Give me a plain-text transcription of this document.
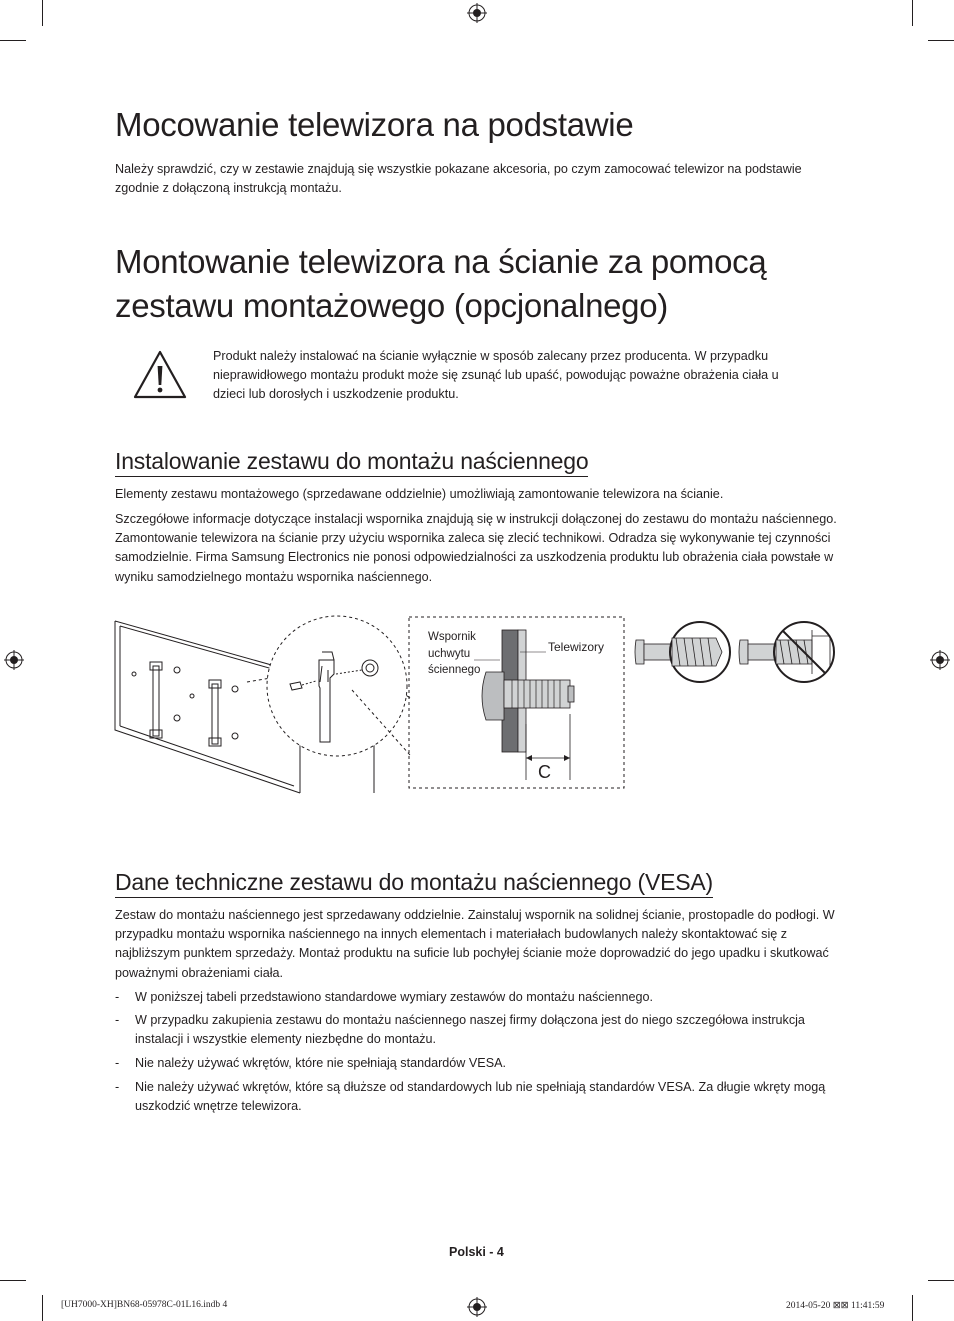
Mocowanie telewizora na podstawie

Należy sprawdzić, czy w zestawie znajdują się wszystkie pokazane akcesoria, po czym zamocować telewizor na podstawie zgodnie z dołączoną instrukcją montażu.

Montowanie telewizora na ścianie za pomocą
zestawu montażowego (opcjonalnego)

Produkt należy instalować na ścianie wyłącznie w sposób zalecany przez producenta. W przypadku nieprawidłowego montażu produkt może się zsunąć lub upaść, powodując poważne obrażenia ciała u dzieci lub dorosłych i uszkodzenie produktu.

Instalowanie zestawu do montażu naściennego

Elementy zestawu montażowego (sprzedawane oddzielnie) umożliwiają zamontowanie telewizora na ścianie.

Szczegółowe informacje dotyczące instalacji wspornika znajdują się w instrukcji dołączonej do zestawu do montażu naściennego. Zamontowanie telewizora na ścianie przy użyciu wspornika zaleca się zlecić technikowi. Odradza się wykonywanie tej czynności samodzielnie. Firma Samsung Electronics nie ponosi odpowiedzialności za uszkodzenia produktu lub obrażenia ciała powstałe w wyniku samodzielnego montażu wspornika naściennego.

Wspornik
uchwytu
ściennego
Telewizory
C
Dane techniczne zestawu do montażu naściennego (VESA)

Zestaw do montażu naściennego jest sprzedawany oddzielnie. Zainstaluj wspornik na solidnej ścianie, prostopadle do podłogi. W przypadku montażu wspornika naściennego na innych elementach i materiałach budowlanych należy skontaktować się z najbliższym punktem sprzedaży. Montaż produktu na suficie lub pochyłej ścianie może doprowadzić do jego upadku i skutkować poważnymi obrażeniami ciała.

- W poniższej tabeli przedstawiono standardowe wymiary zestawów do montażu naściennego.
- W przypadku zakupienia zestawu do montażu naściennego naszej firmy dołączona jest do niego szczegółowa instrukcja instalacji i wszystkie elementy niezbędne do montażu.
- Nie należy używać wkrętów, które nie spełniają standardów VESA.
- Nie należy używać wkrętów, które są dłuższe od standardowych lub nie spełniają standardów VESA. Za długie wkręty mogą uszkodzić wnętrze telewizora.
Polski - 4
[UH7000-XH]BN68-05978C-01L16.indb 4	2014-05-20 ⊠⊠ 11:41:59
